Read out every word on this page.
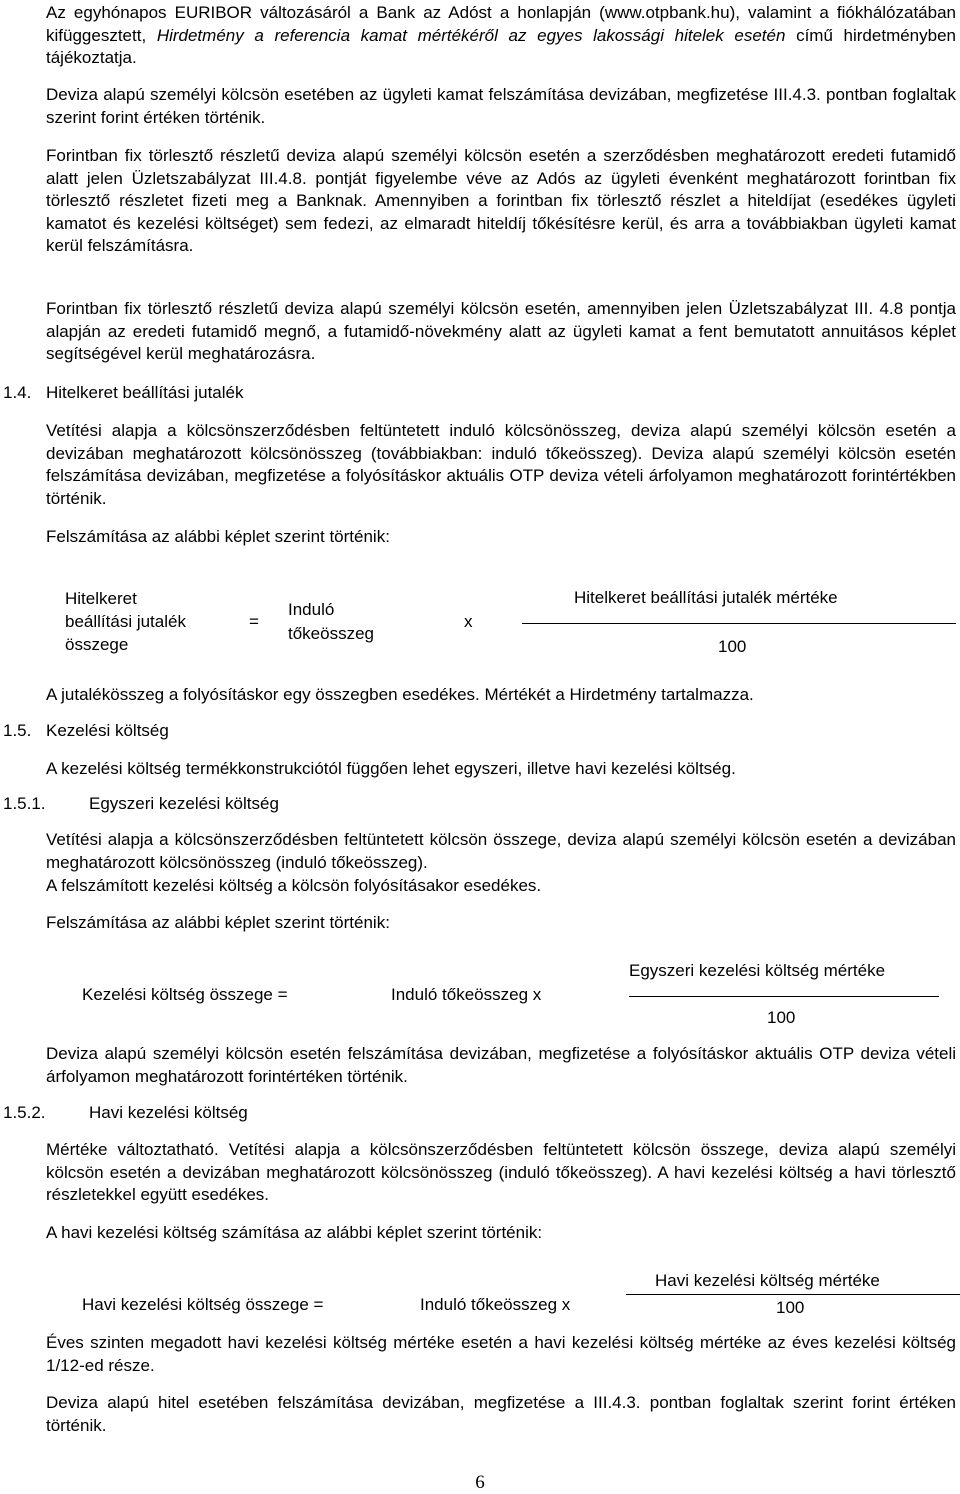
Az egyhónapos EURIBOR változásáról a Bank az Adóst a honlapján (www.otpbank.hu), valamint a fiókhálózatában kifüggesztett, Hirdetmény a referencia kamat mértékéről az egyes lakossági hitelek esetén című hirdetményben tájékoztatja.

Deviza alapú személyi kölcsön esetében az ügyleti kamat felszámítása devizában, megfizetése III.4.3. pontban foglaltak szerint forint értéken történik.

Forintban fix törlesztő részletű deviza alapú személyi kölcsön esetén a szerződésben meghatározott eredeti futamidő alatt jelen Üzletszabályzat III.4.8. pontját figyelembe véve az Adós az ügyleti évenként meghatározott forintban fix törlesztő részletet fizeti meg a Banknak. Amennyiben a forintban fix törlesztő részlet a hiteldíjat (esedékes ügyleti kamatot és kezelési költséget) sem fedezi, az elmaradt hiteldíj tőkésítésre kerül, és arra a továbbiakban ügyleti kamat kerül felszámításra.

Forintban fix törlesztő részletű deviza alapú személyi kölcsön esetén, amennyiben jelen Üzletszabályzat III. 4.8 pontja alapján az eredeti futamidő megnő, a futamidő-növekmény alatt az ügyleti kamat a fent bemutatott annuitásos képlet segítségével kerül meghatározásra.

1.4. Hitelkeret beállítási jutalék

Vetítési alapja a kölcsönszerződésben feltüntetett induló kölcsönösszeg, deviza alapú személyi kölcsön esetén a devizában meghatározott kölcsönösszeg (továbbiakban: induló tőkeösszeg). Deviza alapú személyi kölcsön esetén felszámítása devizában, megfizetése a folyósításkor aktuális OTP deviza vételi árfolyamon meghatározott forintértékben történik.

Felszámítása az alábbi képlet szerint történik:

Hitelkeret

beállítási jutalék

összege

=

Induló

tőkeösszeg

x

Hitelkeret beállítási jutalék mértéke

100

A jutalékösszeg a folyósításkor egy összegben esedékes. Mértékét a Hirdetmény tartalmazza.

1.5. Kezelési költség

A kezelési költség termékkonstrukciótól függően lehet egyszeri, illetve havi kezelési költség.

1.5.1.	Egyszeri kezelési költség

Vetítési alapja a kölcsönszerződésben feltüntetett kölcsön összege, deviza alapú személyi kölcsön esetén a devizában meghatározott kölcsönösszeg (induló tőkeösszeg).

A felszámított kezelési költség a kölcsön folyósításakor esedékes.

Felszámítása az alábbi képlet szerint történik:

Kezelési költség összege =	Induló tőkeösszeg x

Egyszeri kezelési költség mértéke

100

Deviza alapú személyi kölcsön esetén felszámítása devizában, megfizetése a folyósításkor aktuális OTP deviza vételi árfolyamon meghatározott forintértéken történik.

1.5.2.	Havi kezelési költség

Mértéke változtatható. Vetítési alapja a kölcsönszerződésben feltüntetett kölcsön összege, deviza alapú személyi kölcsön esetén a devizában meghatározott kölcsönösszeg (induló tőkeösszeg). A havi kezelési költség a havi törlesztő részletekkel együtt esedékes.

A havi kezelési költség számítása az alábbi képlet szerint történik:

Havi kezelési költség összege =	Induló tőkeösszeg x

Havi kezelési költség mértéke

100

Éves szinten megadott havi kezelési költség mértéke esetén a havi kezelési költség mértéke az éves kezelési költség 1/12-ed része.

Deviza alapú hitel esetében felszámítása devizában, megfizetése a III.4.3. pontban foglaltak szerint forint értéken történik.

6
